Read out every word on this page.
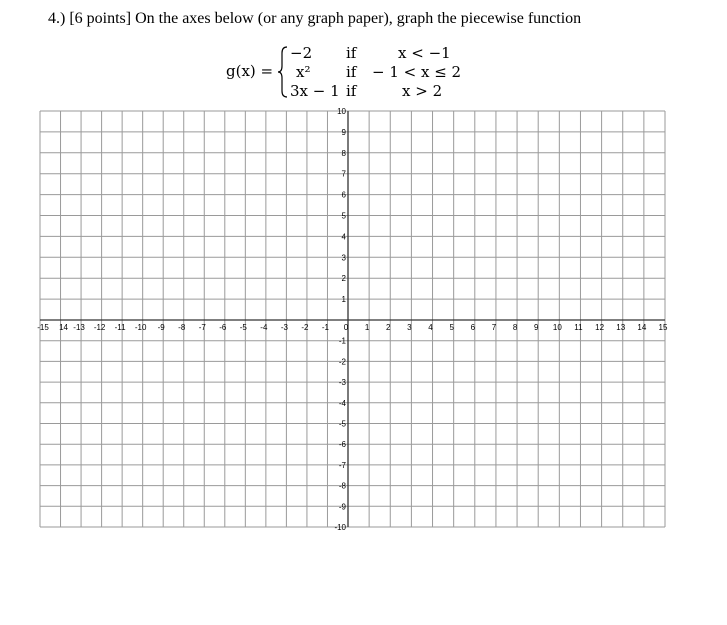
4.) [6 points] On the axes below (or any graph paper), graph the piecewise function
g(x) =
−2 if	x < −1
x² if − 1 < x ≤ 2
3x − 1 if	x > 2
-15 14 -13 -12 -11 -10 -9 -8 -7 -6 -5 -4 -3 -2 -1 0 1 2 3 4 5 6 7 8 9 10 11 12 13 14 15
10
9
8
7
6
5
4
3
2
1
-1
-2
-3
-4
-5
-6
-7
-8
-9
-10
